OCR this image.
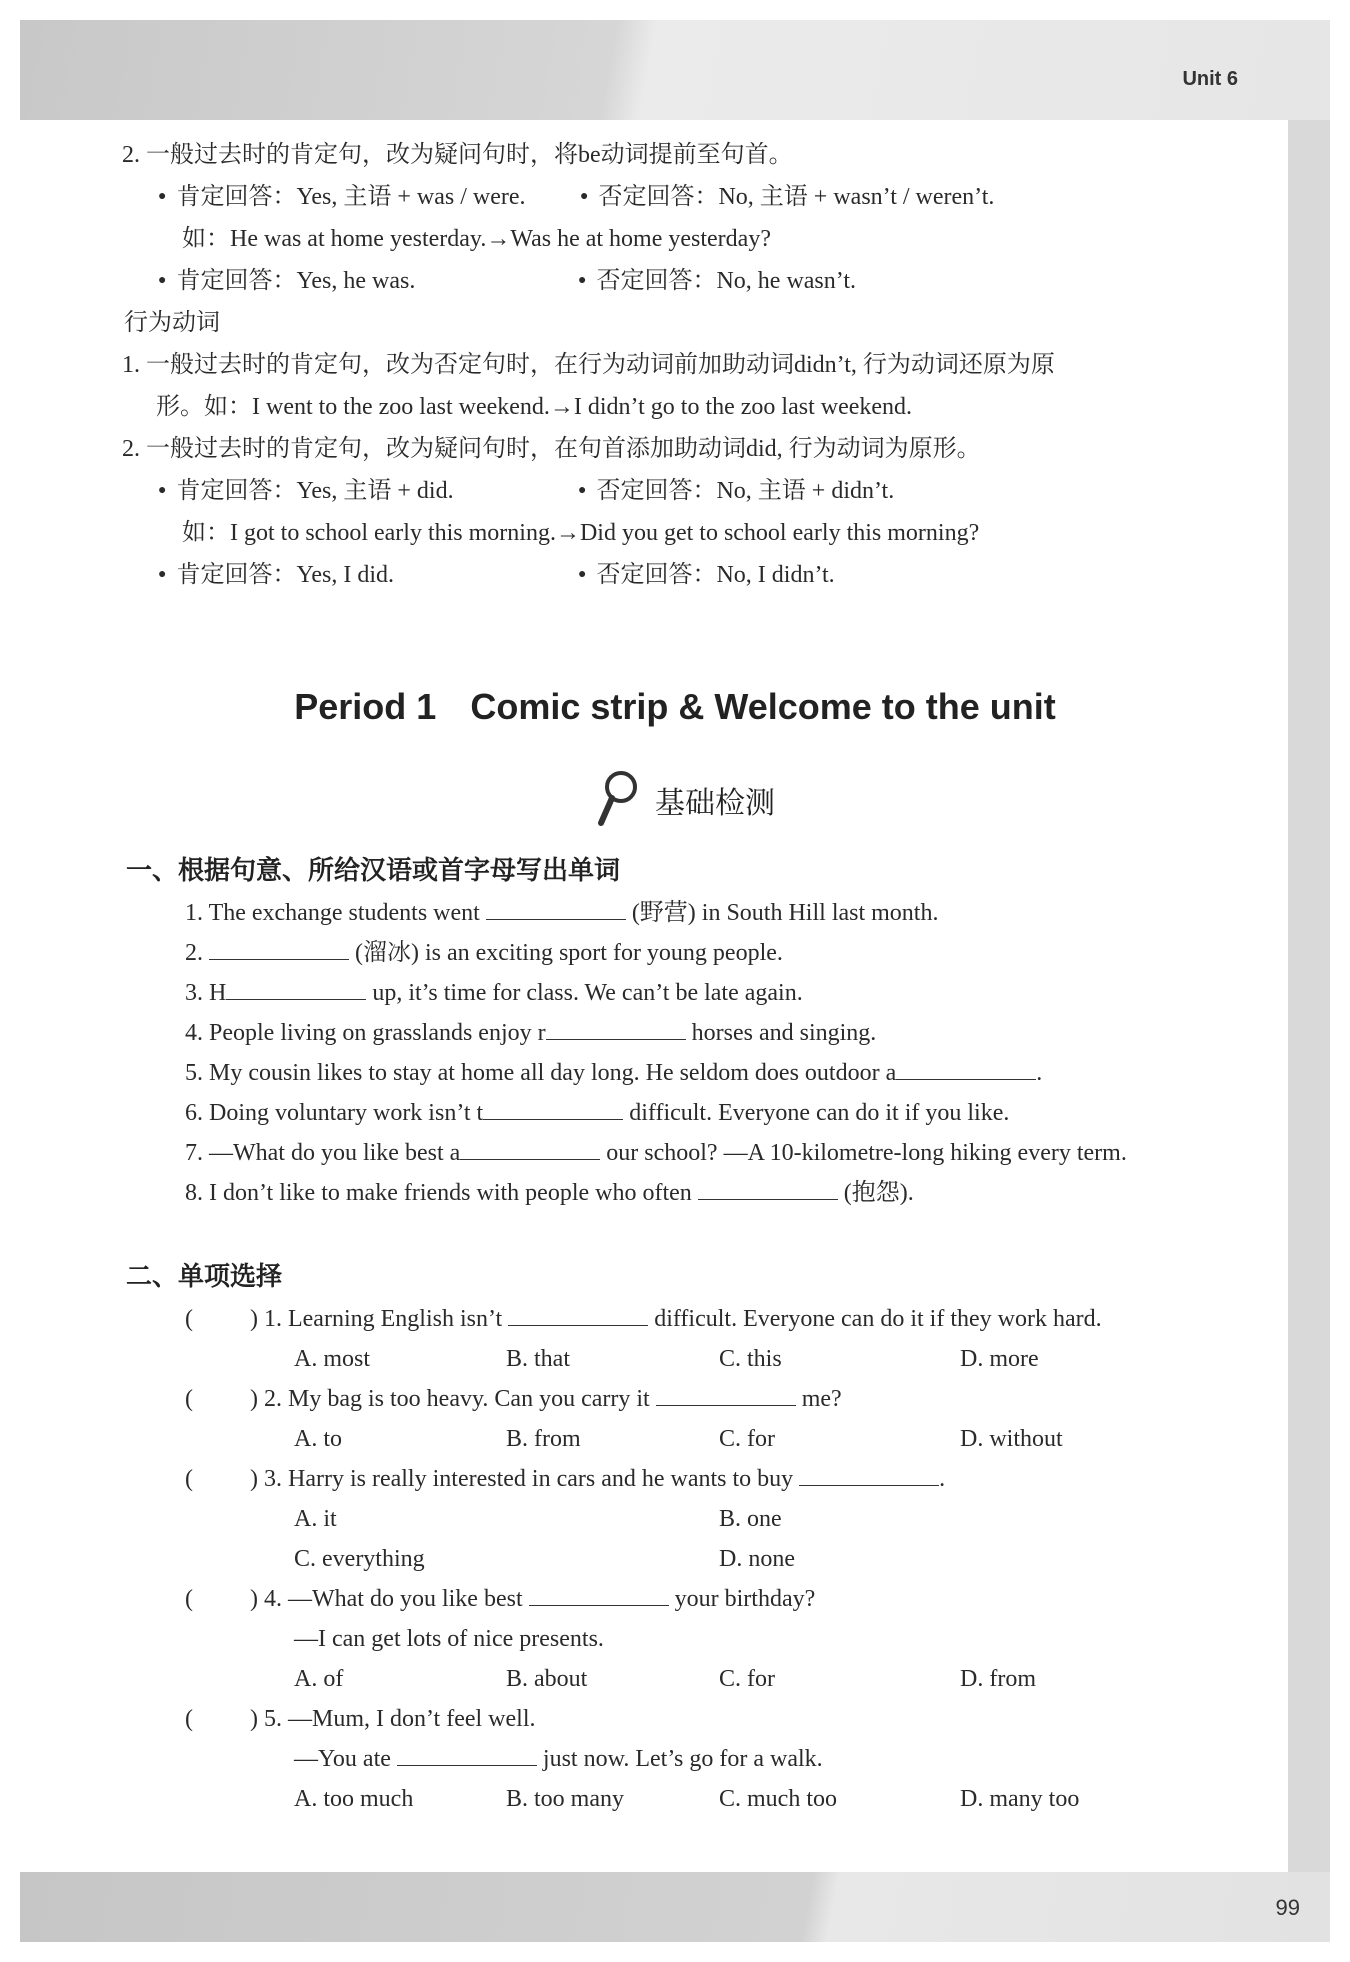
Unit 6
2. 一般过去时的肯定句，改为疑问句时，将be动词提前至句首。
● 肯定回答：Yes, 主语 + was / were.	● 否定回答：No, 主语 + wasn’t / weren’t.
如：He was at home yesterday.→Was he at home yesterday?
● 肯定回答：Yes, he was.	● 否定回答：No, he wasn’t.
行为动词
1. 一般过去时的肯定句，改为否定句时，在行为动词前加助动词didn’t, 行为动词还原为原
形。如：I went to the zoo last weekend.→I didn’t go to the zoo last weekend.
2. 一般过去时的肯定句，改为疑问句时，在句首添加助动词did, 行为动词为原形。
● 肯定回答：Yes, 主语 + did.	● 否定回答：No, 主语 + didn’t.
如：I got to school early this morning.→Did you get to school early this morning?
● 肯定回答：Yes, I did.	● 否定回答：No, I didn’t.
Period 1 Comic strip & Welcome to the unit
基础检测
一、根据句意、所给汉语或首字母写出单词
1. The exchange students went	(野营) in South Hill last month.
2.	(溜冰) is an exciting sport for young people.
3. H	up, it’s time for class. We can’t be late again.
4. People living on grasslands enjoy r	horses and singing.
5. My cousin likes to stay at home all day long. He seldom does outdoor a	.
6. Doing voluntary work isn’t t	difficult. Everyone can do it if you like.
7. —What do you like best a	our school? —A 10-kilometre-long hiking every term.
8. I don’t like to make friends with people who often	(抱怨).
二、单项选择
( ) 1. Learning English isn’t	difficult. Everyone can do it if they work hard.
A. most	B. that	C. this	D. more
( ) 2. My bag is too heavy. Can you carry it	me?
A. to	B. from	C. for	D. without
( ) 3. Harry is really interested in cars and he wants to buy	.
A. it	B. one
C. everything	D. none
( ) 4. —What do you like best	your birthday?
—I can get lots of nice presents.
A. of	B. about	C. for	D. from
( ) 5. —Mum, I don’t feel well.
—You ate	just now. Let’s go for a walk.
A. too much	B. too many	C. much too	D. many too
99
